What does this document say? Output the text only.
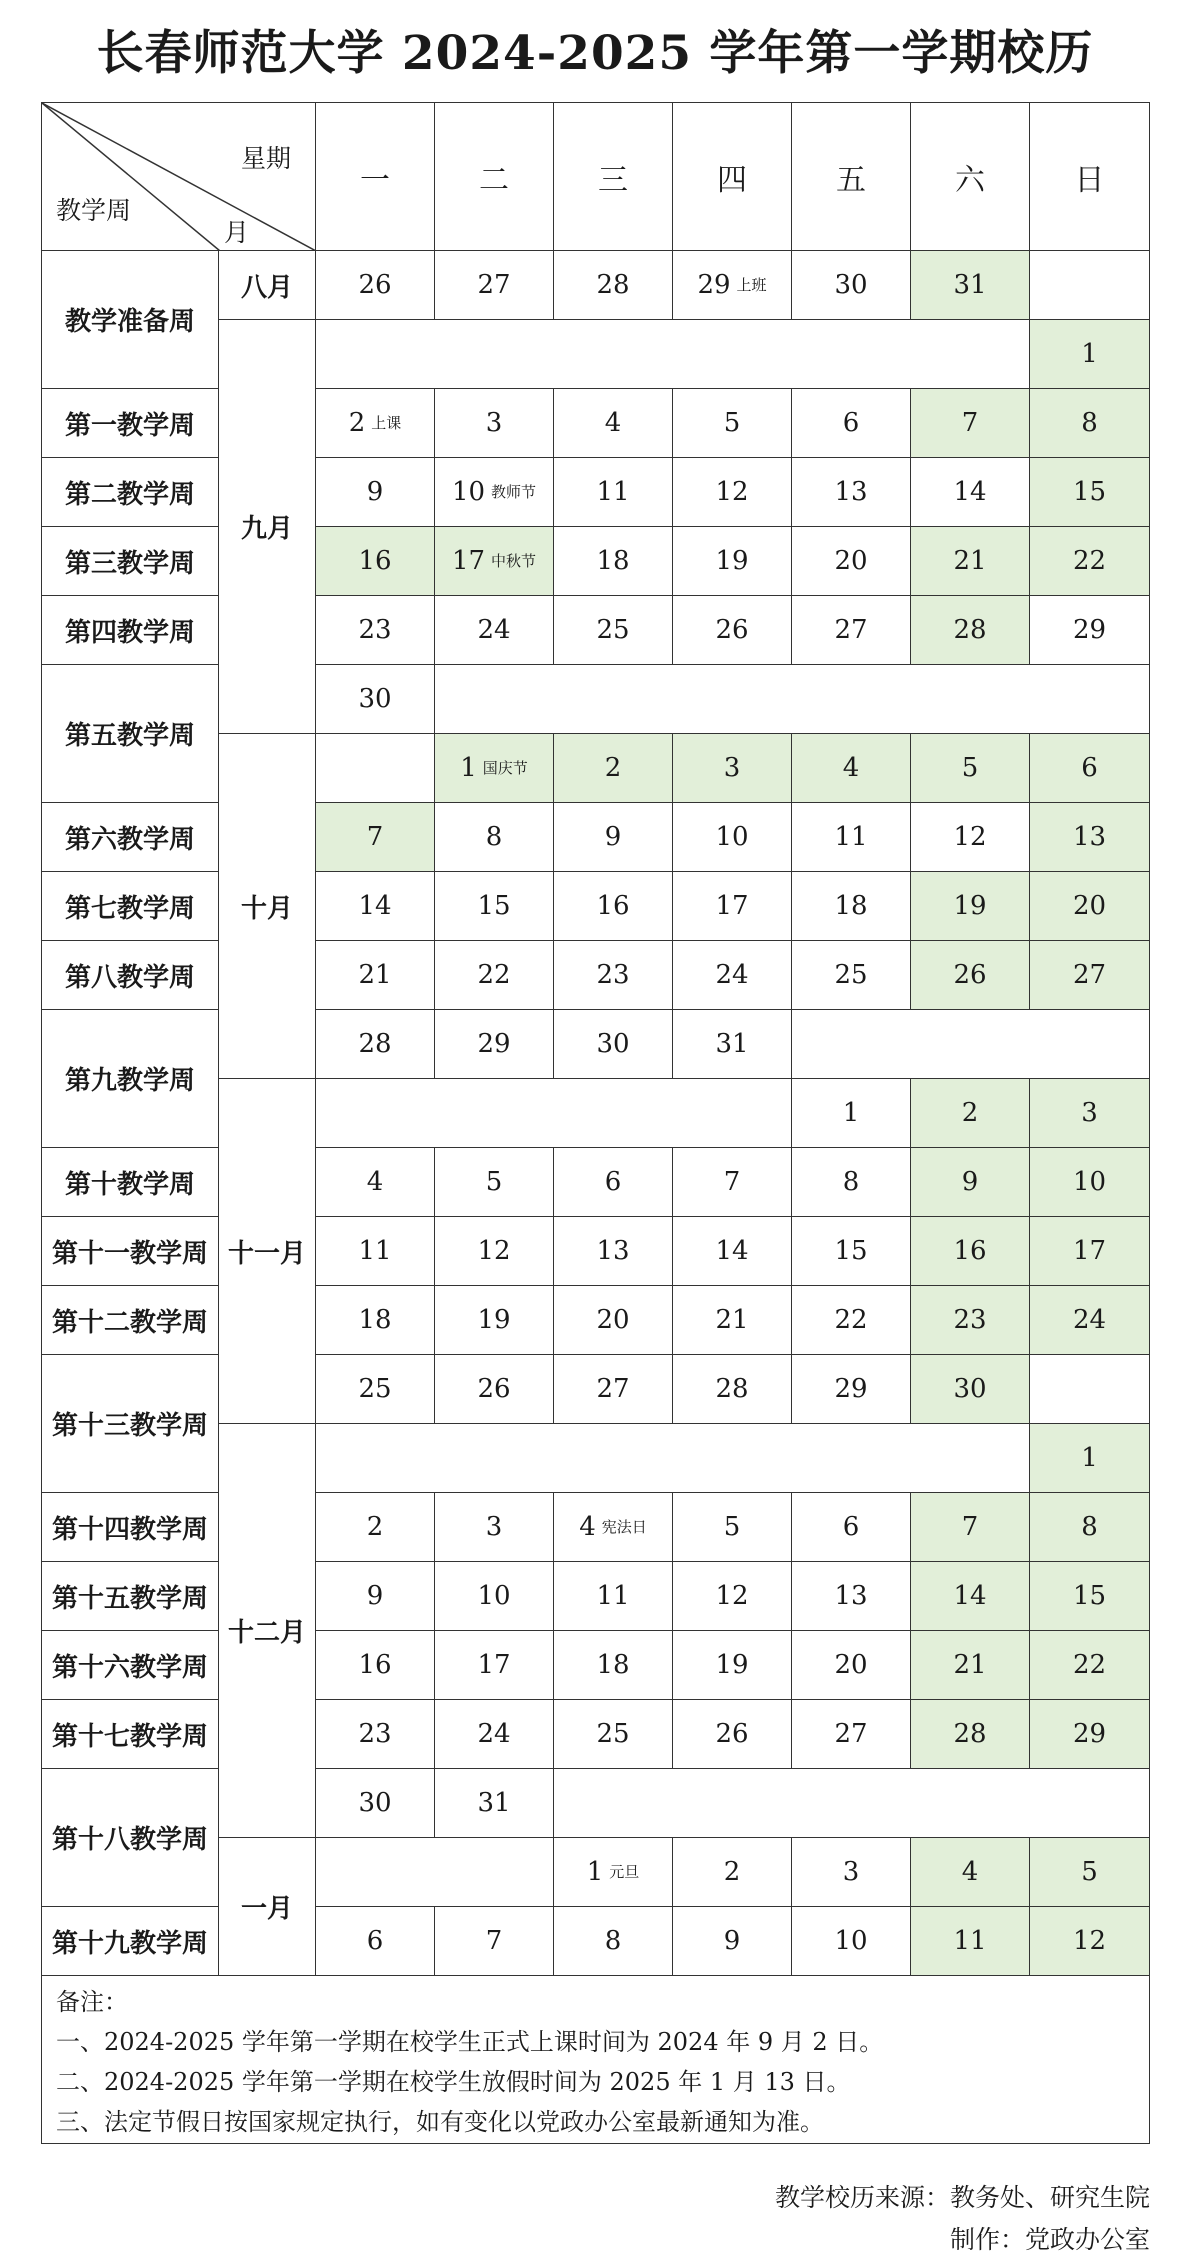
长春师范大学 2024-2025 学年第一学期校历
星期
月
教学周		一	二	三	四	五	六	日
教学准备周	八月	26	27	28	29 上班	30	31	
	九月							1
第一教学周		2 上课	3	4	5	6	7	8
第二教学周		9	10 教师节	11	12	13	14	15
第三教学周		16	17 中秋节	18	19	20	21	22
第四教学周		23	24	25	26	27	28	29
第五教学周		30						
	十月		1 国庆节	2	3	4	5	6
第六教学周		7	8	9	10	11	12	13
第七教学周		14	15	16	17	18	19	20
第八教学周		21	22	23	24	25	26	27
第九教学周		28	29	30	31			
	十一月					1	2	3
第十教学周		4	5	6	7	8	9	10
第十一教学周		11	12	13	14	15	16	17
第十二教学周		18	19	20	21	22	23	24
第十三教学周		25	26	27	28	29	30	
	十二月							1
第十四教学周		2	3	4 宪法日	5	6	7	8
第十五教学周		9	10	11	12	13	14	15
第十六教学周		16	17	18	19	20	21	22
第十七教学周		23	24	25	26	27	28	29
第十八教学周		30	31					
	一月			1 元旦	2	3	4	5
第十九教学周		6	7	8	9	10	11	12

备注：
一、2024-2025 学年第一学期在校学生正式上课时间为 2024 年 9 月 2 日。
二、2024-2025 学年第一学期在校学生放假时间为 2025 年 1 月 13 日。
三、法定节假日按国家规定执行，如有变化以党政办公室最新通知为准。								
教学校历来源：教务处、研究生院
制作：党政办公室
